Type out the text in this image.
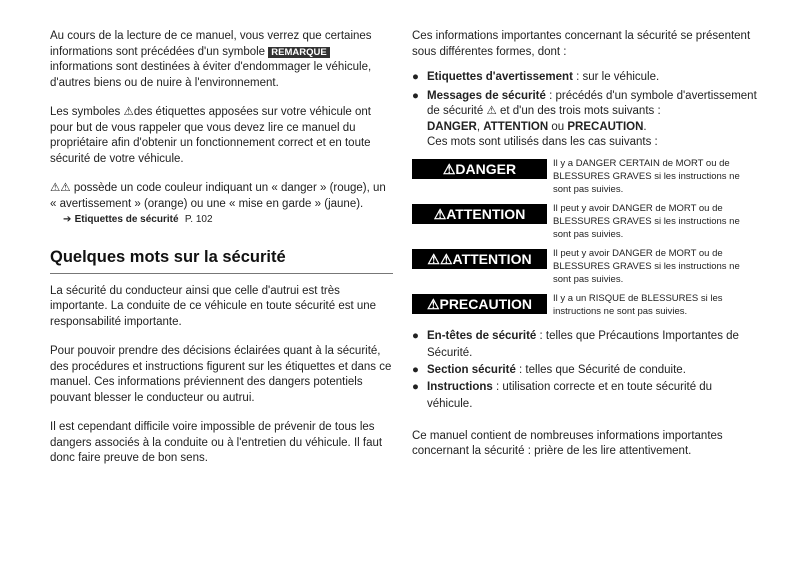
Au cours de la lecture de ce manuel, vous verrez que certaines informations sont précédées d'un symbole REMARQUE informations sont destinées à éviter d'endommager le véhicule, d'autres biens ou de nuire à l'environnement.

Les symboles ⚠des étiquettes apposées sur votre véhicule ont pour but de vous rappeler que vous devez lire ce manuel du propriétaire afin d'obtenir un fonctionnement correct et en toute sécurité de votre véhicule.

⚠⚠ possède un code couleur indiquant un « danger » (rouge), un « avertissement » (orange) ou une « mise en garde » (jaune).

➔ Etiquettes de sécurité P. 102
Quelques mots sur la sécurité

La sécurité du conducteur ainsi que celle d'autrui est très importante. La conduite de ce véhicule en toute sécurité est une responsabilité importante.

Pour pouvoir prendre des décisions éclairées quant à la sécurité, des procédures et instructions figurent sur les étiquettes et dans ce manuel. Ces informations préviennent des dangers potentiels pouvant blesser le conducteur ou autrui.

Il est cependant difficile voire impossible de prévenir de tous les dangers associés à la conduite ou à l'entretien du véhicule. Il faut donc faire preuve de bon sens.

Ces informations importantes concernant la sécurité se présentent sous différentes formes, dont :

● Etiquettes d'avertissement : sur le véhicule.
● Messages de sécurité : précédés d'un symbole d'avertissement de sécurité ⚠ et d'un des trois mots suivants :
DANGER, ATTENTION ou PRECAUTION.
Ces mots sont utilisés dans les cas suivants :
⚠DANGER	Il y a DANGER CERTAIN de MORT ou de BLESSURES GRAVES si les instructions ne sont pas suivies.

⚠ATTENTION	Il peut y avoir DANGER de MORT ou de BLESSURES GRAVES si les instructions ne sont pas suivies.

⚠⚠ATTENTION	Il peut y avoir DANGER de MORT ou de BLESSURES GRAVES si les instructions ne sont pas suivies.

⚠PRECAUTION	Il y a un RISQUE de BLESSURES si les instructions ne sont pas suivies.

● En-têtes de sécurité : telles que Précautions Importantes de Sécurité.
● Section sécurité : telles que Sécurité de conduite.
● Instructions : utilisation correcte et en toute sécurité du véhicule.

Ce manuel contient de nombreuses informations importantes concernant la sécurité : prière de les lire attentivement.
